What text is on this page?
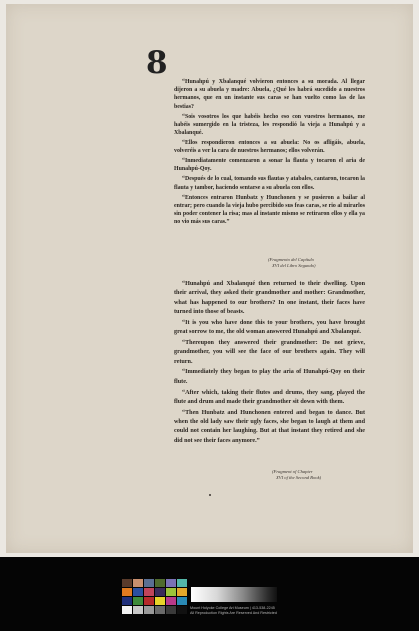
8

“Hunahpú y Xbalanqué volvieron entonces a su morada. Al llegar dijeron a su abuela y madre: Abuela, ¿Qué les habrá sucedido a nuestros hermanos, que en un instante sus caras se han vuelto como las de las bestias?

“Sois vosotros los que habéis hecho eso con vuestros hermanos, me habéis sumergido en la tristeza, les respondió la vieja a Hunahpú y a Xbalanqué.

“Ellos respondieron entonces a su abuela: No os afligáis, abuela, volveréis a ver la cara de nuestros hermanos; ellos volverán.

“Inmediatamente comenzaron a sonar la flauta y tocaron el aria de Hunahpú-Qoy.

“Después de lo cual, tomando sus flautas y atabales, cantaron, tocaron la flauta y tambor, haciendo sentarse a su abuela con ellos.

“Entonces entraron Hunbatz y Hunchonen y se pusieron a bailar al entrar; pero cuando la vieja hubo percibido sus feas caras, se rio al mirarlos sin poder contener la risa; mas al instante mismo se retiraron ellos y ella ya no vio más sus caras.”

(Fragmento del Capítulo
XVI del Libro Segundo)

“Hunahpú and Xbalanqué then returned to their dwelling. Upon their arrival, they asked their grandmother and mother: Grandmother, what has happened to our brothers? In one instant, their faces have turned into those of beasts.

“It is you who have done this to your brothers, you have brought great sorrow to me, the old woman answered Hunahpú and Xbalanqué.

“Thereupon they answered their grandmother: Do not grieve, grandmother, you will see the face of our brothers again. They will return.

“Immediately they began to play the aria of Hunahpú-Qoy on their flute.

“After which, taking their flutes and drums, they sang, played the flute and drum and made their grandmother sit down with them.

“Then Hunbatz and Hunchonen entered and began to dance. But when the old lady saw their ugly faces, she began to laugh at them and could not contain her laughing. But at that instant they retired and she did not see their faces anymore.”

(Fragment of Chapter
XVI of the Second Book)
Mount Holyoke College Art Museum | 413-538-2245
All Reproduction Rights Are Reserved And Restricted
